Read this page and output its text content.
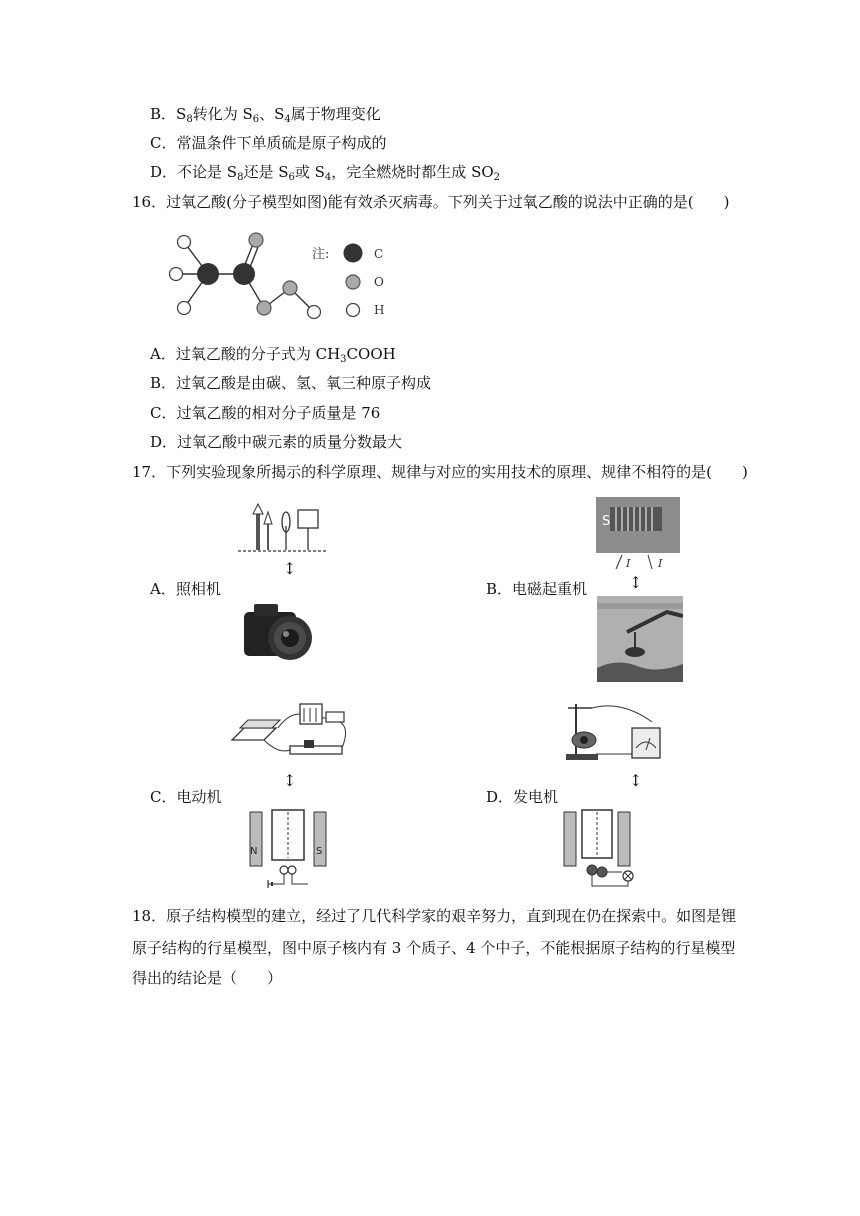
B．$S_8$转化为 $S_6$、$S_4$属于物理变化
C．常温条件下单质硫是原子构成的
D．不论是 $S_8$还是 $S_6$或 $S_4$，完全燃烧时都生成 $SO_2$
16．过氧乙酸(分子模型如图)能有效杀灭病毒。下列关于过氧乙酸的说法中正确的是(　　)
注:	C
O
H
A．过氧乙酸的分子式为 $CH_3COOH$
B．过氧乙酸是由碳、氢、氧三种原子构成
C．过氧乙酸的相对分子质量是 76
D．过氧乙酸中碳元素的质量分数最大
17．下列实验现象所揭示的科学原理、规律与对应的实用技术的原理、规律不相符的是(　　)
↕
A．照相机
S
I	I
↕
B．电磁起重机
↕
N	S
C．电动机
↕
D．发电机
18．原子结构模型的建立，经过了几代科学家的艰辛努力，直到现在仍在探索中。如图是锂
原子结构的行星模型，图中原子核内有 3 个质子、4 个中子，不能根据原子结构的行星模型
得出的结论是（　　）
